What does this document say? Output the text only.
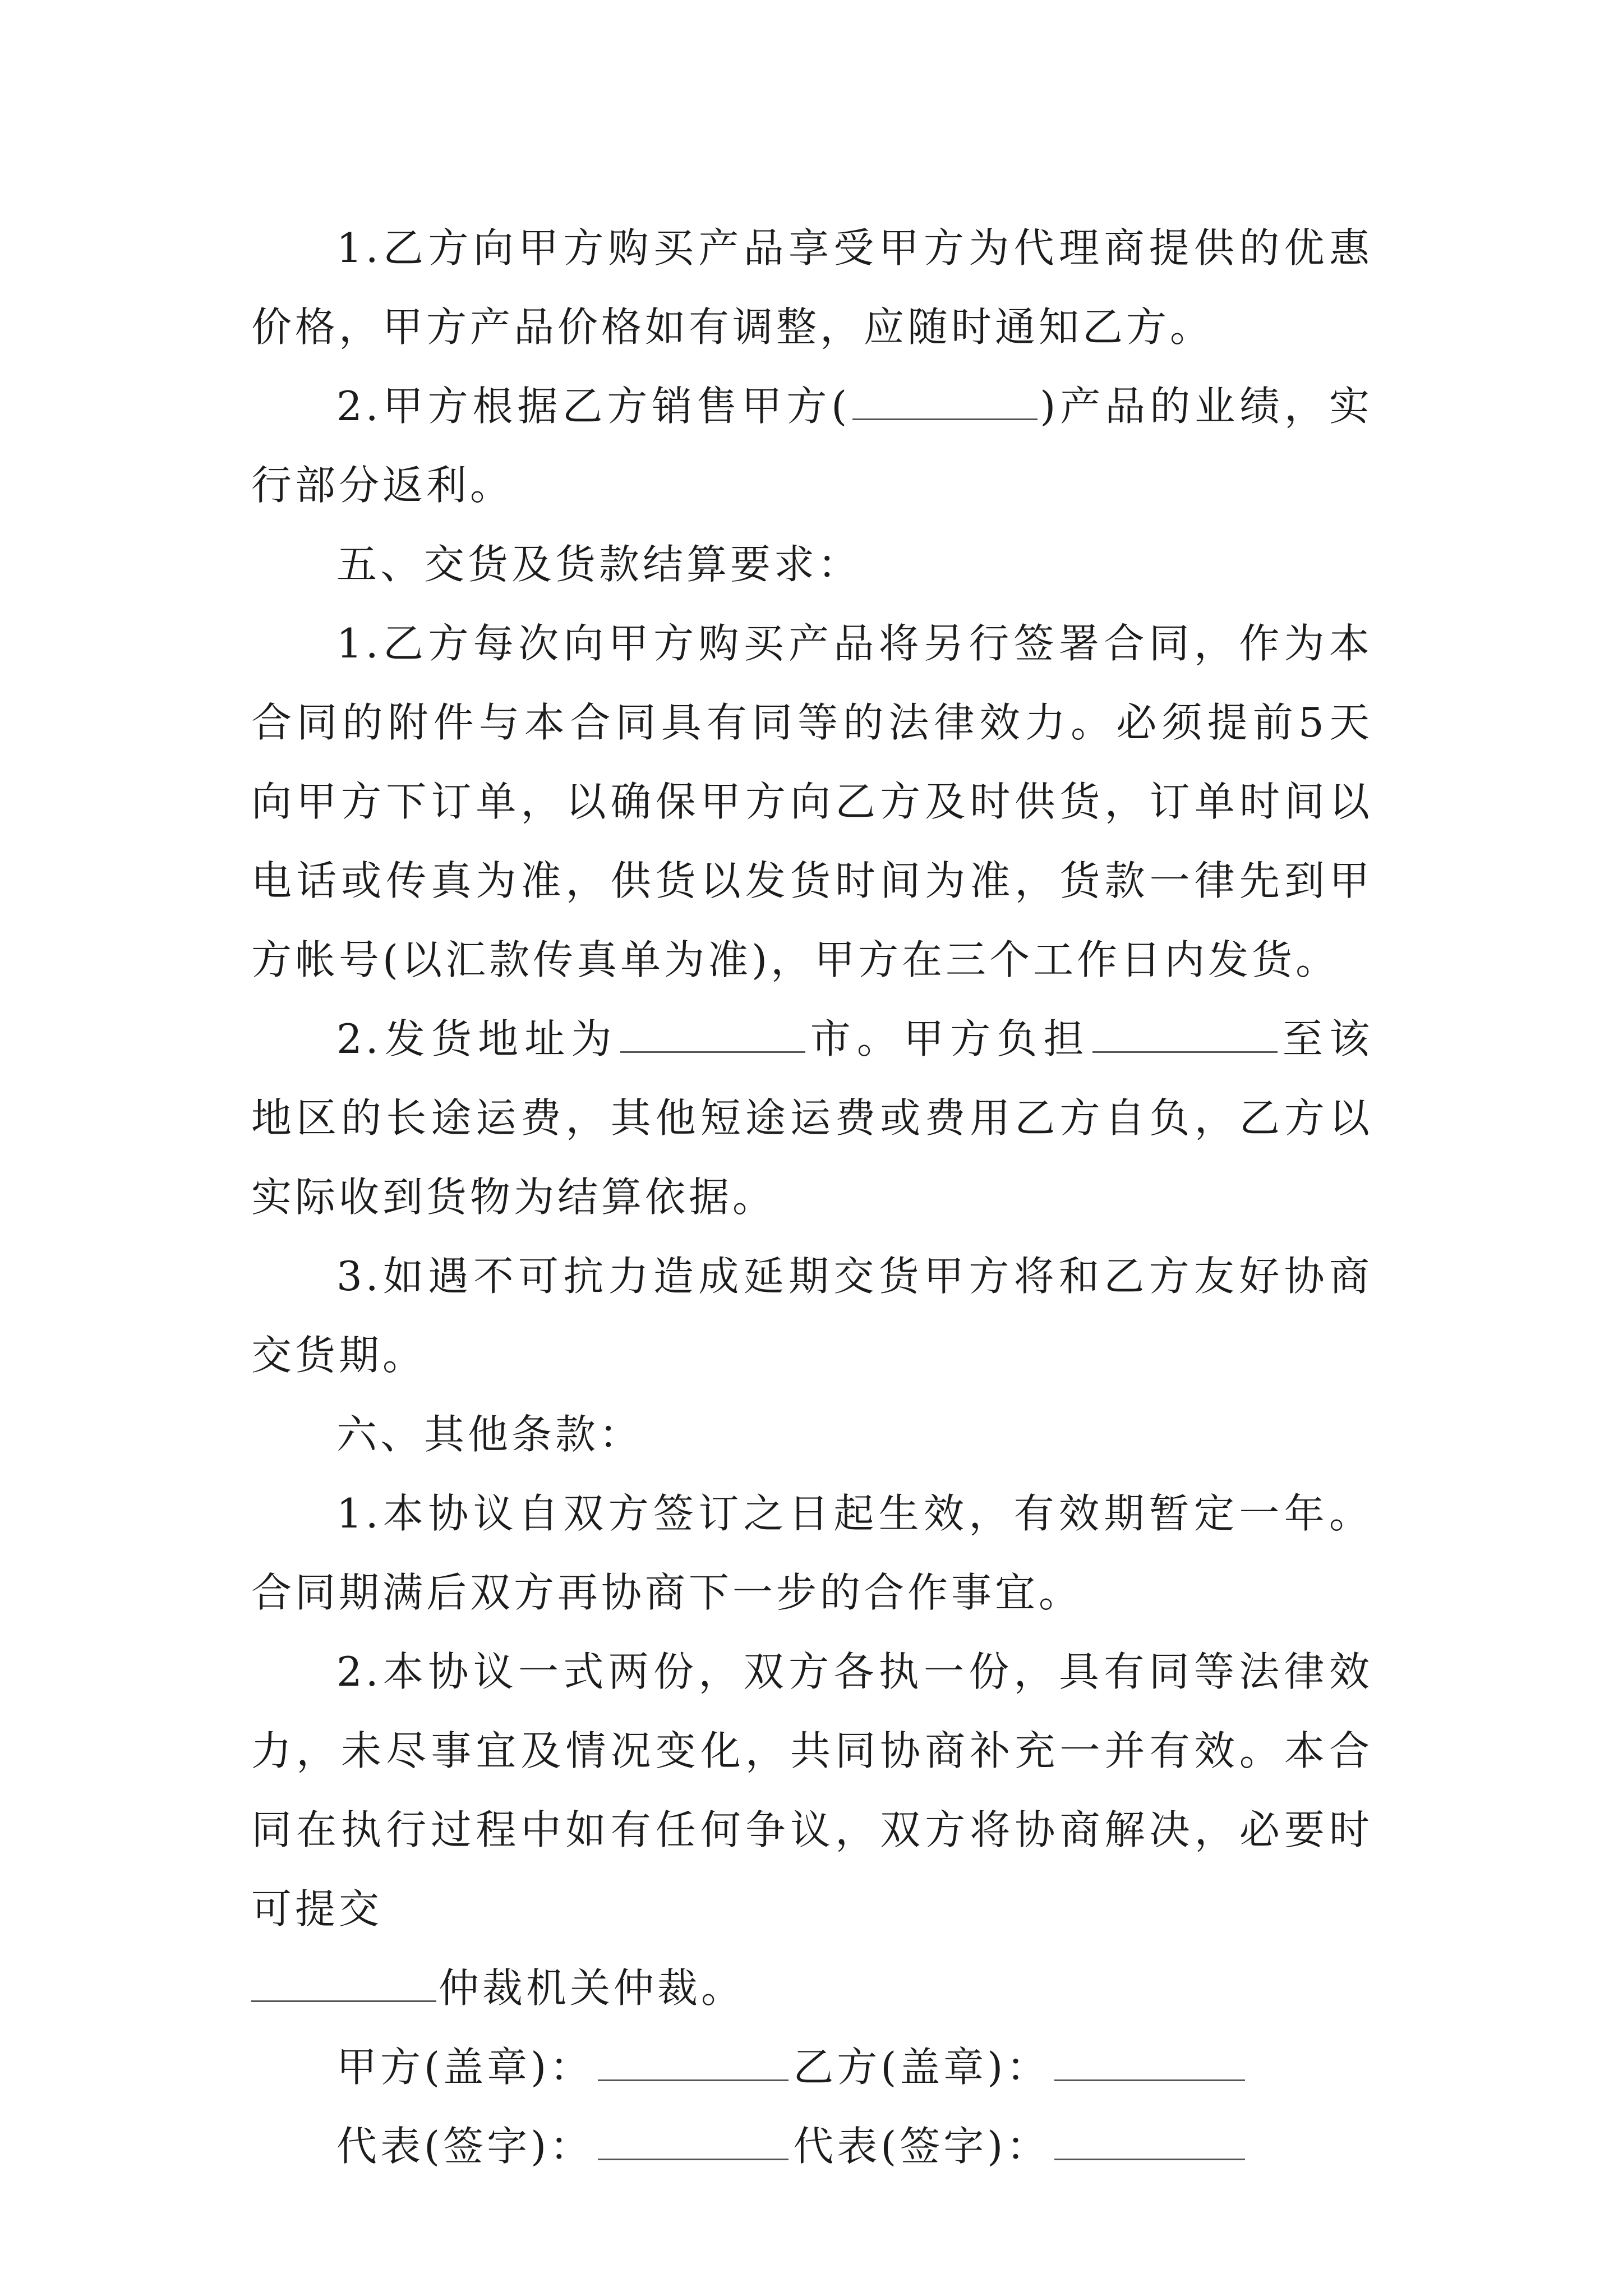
1.乙方向甲方购买产品享受甲方为代理商提供的优惠价格，甲方产品价格如有调整，应随时通知乙方。

2.甲方根据乙方销售甲方(	)产品的业绩，实行部分返利。

五、交货及货款结算要求：

1.乙方每次向甲方购买产品将另行签署合同，作为本合同的附件与本合同具有同等的法律效力。必须提前5天向甲方下订单，以确保甲方向乙方及时供货，订单时间以电话或传真为准，供货以发货时间为准，货款一律先到甲方帐号(以汇款传真单为准)，甲方在三个工作日内发货。

2.发货地址为	市。甲方负担	至该地区的长途运费，其他短途运费或费用乙方自负，乙方以实际收到货物为结算依据。

3.如遇不可抗力造成延期交货甲方将和乙方友好协商交货期。

六、其他条款：

1.本协议自双方签订之日起生效，有效期暂定一年。合同期满后双方再协商下一步的合作事宜。

2.本协议一式两份，双方各执一份，具有同等法律效力，未尽事宜及情况变化，共同协商补充一并有效。本合同在执行过程中如有任何争议，双方将协商解决，必要时可提交

仲裁机关仲裁。

甲方(盖章)：	乙方(盖章)：

代表(签字)：	代表(签字)：
